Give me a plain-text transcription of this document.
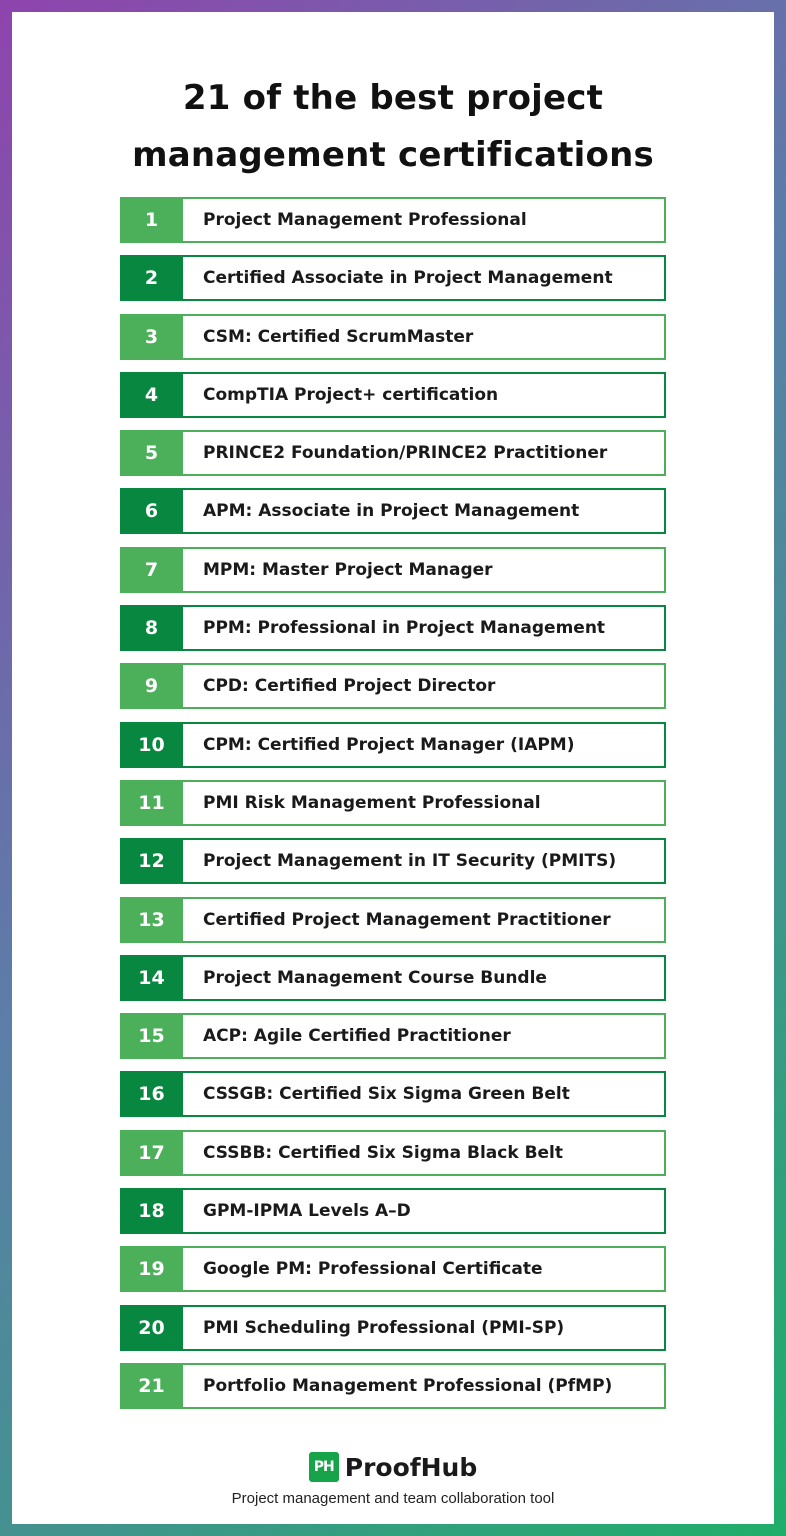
21 of the best project
management certifications
1	Project Management Professional
2	Certified Associate in Project Management
3	CSM: Certified ScrumMaster
4	CompTIA Project+ certification
5	PRINCE2 Foundation/PRINCE2 Practitioner
6	APM: Associate in Project Management
7	MPM: Master Project Manager
8	PPM: Professional in Project Management
9	CPD: Certified Project Director
10	CPM: Certified Project Manager (IAPM)
11	PMI Risk Management Professional
12	Project Management in IT Security (PMITS)
13	Certified Project Management Practitioner
14	Project Management Course Bundle
15	ACP: Agile Certified Practitioner
16	CSSGB: Certified Six Sigma Green Belt
17	CSSBB: Certified Six Sigma Black Belt
18	GPM-IPMA Levels A–D
19	Google PM: Professional Certificate
20	PMI Scheduling Professional (PMI-SP)
21	Portfolio Management Professional (PfMP)
PH ProofHub
Project management and team collaboration tool
